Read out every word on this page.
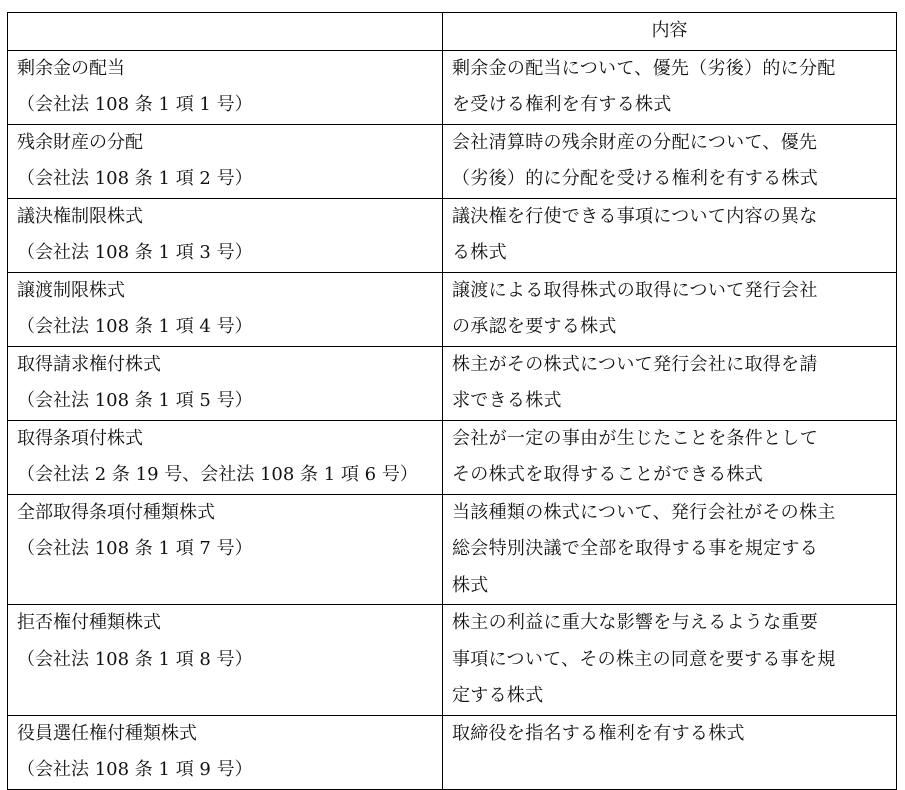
	内容

剰余金の配当
（会社法 108 条 1 項 1 号）	剰余金の配当について、優先（劣後）的に分配
を受ける権利を有する株式

残余財産の分配
（会社法 108 条 1 項 2 号）	会社清算時の残余財産の分配について、優先
（劣後）的に分配を受ける権利を有する株式

議決権制限株式
（会社法 108 条 1 項 3 号）	議決権を行使できる事項について内容の異な
る株式

譲渡制限株式
（会社法 108 条 1 項 4 号）	譲渡による取得株式の取得について発行会社
の承認を要する株式

取得請求権付株式
（会社法 108 条 1 項 5 号）	株主がその株式について発行会社に取得を請
求できる株式

取得条項付株式
（会社法 2 条 19 号、会社法 108 条 1 項 6 号）	会社が一定の事由が生じたことを条件として
その株式を取得することができる株式

全部取得条項付種類株式
（会社法 108 条 1 項 7 号）	当該種類の株式について、発行会社がその株主
総会特別決議で全部を取得する事を規定する
株式

拒否権付種類株式
（会社法 108 条 1 項 8 号）	株主の利益に重大な影響を与えるような重要
事項について、その株主の同意を要する事を規
定する株式

役員選任権付種類株式
（会社法 108 条 1 項 9 号）	取締役を指名する権利を有する株式
